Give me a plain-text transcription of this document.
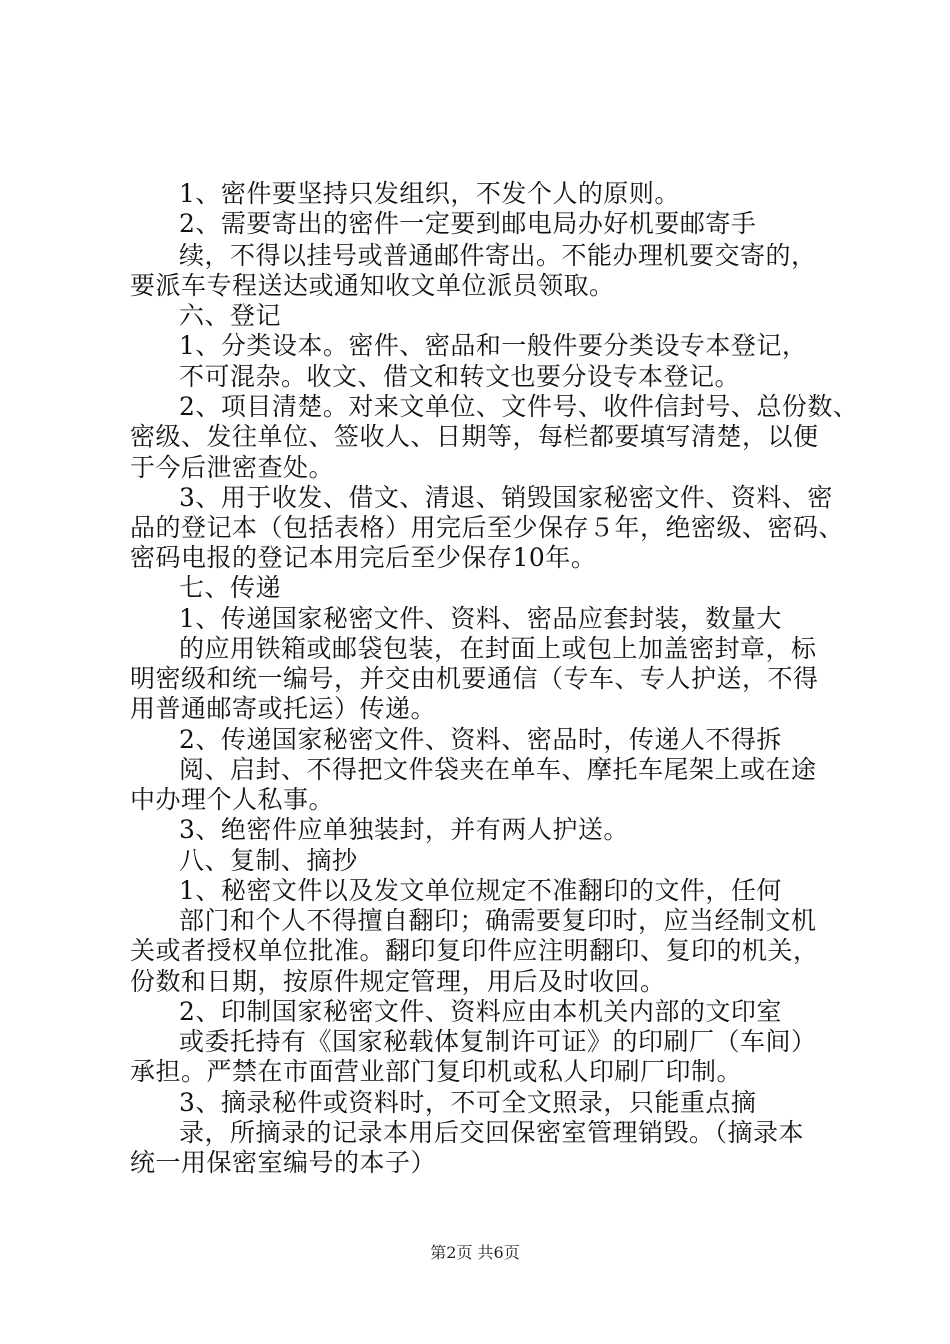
1、密件要坚持只发组织，不发个人的原则。
2、需要寄出的密件一定要到邮电局办好机要邮寄手
续，不得以挂号或普通邮件寄出。不能办理机要交寄的，
要派车专程送达或通知收文单位派员领取。
六、登记
1、分类设本。密件、密品和一般件要分类设专本登记，
不可混杂。收文、借文和转文也要分设专本登记。
2、项目清楚。对来文单位、文件号、收件信封号、总份数、
密级、发往单位、签收人、日期等，每栏都要填写清楚，以便
于今后泄密查处。
3、用于收发、借文、清退、销毁国家秘密文件、资料、密
品的登记本（包括表格）用完后至少保存５年，绝密级、密码、
密码电报的登记本用完后至少保存10年。
七、传递
1、传递国家秘密文件、资料、密品应套封装，数量大
的应用铁箱或邮袋包装，在封面上或包上加盖密封章，标
明密级和统一编号，并交由机要通信（专车、专人护送，不得
用普通邮寄或托运）传递。
2、传递国家秘密文件、资料、密品时，传递人不得拆
阅、启封、不得把文件袋夹在单车、摩托车尾架上或在途
中办理个人私事。
3、绝密件应单独装封，并有两人护送。
八、复制、摘抄
1、秘密文件以及发文单位规定不准翻印的文件，任何
部门和个人不得擅自翻印；确需要复印时，应当经制文机
关或者授权单位批准。翻印复印件应注明翻印、复印的机关，
份数和日期，按原件规定管理，用后及时收回。
2、印制国家秘密文件、资料应由本机关内部的文印室
或委托持有《国家秘载体复制许可证》的印刷厂（车间）
承担。严禁在市面营业部门复印机或私人印刷厂印制。
3、摘录秘件或资料时，不可全文照录，只能重点摘
录，所摘录的记录本用后交回保密室管理销毁。（摘录本
统一用保密室编号的本子）
第2页 共6页
